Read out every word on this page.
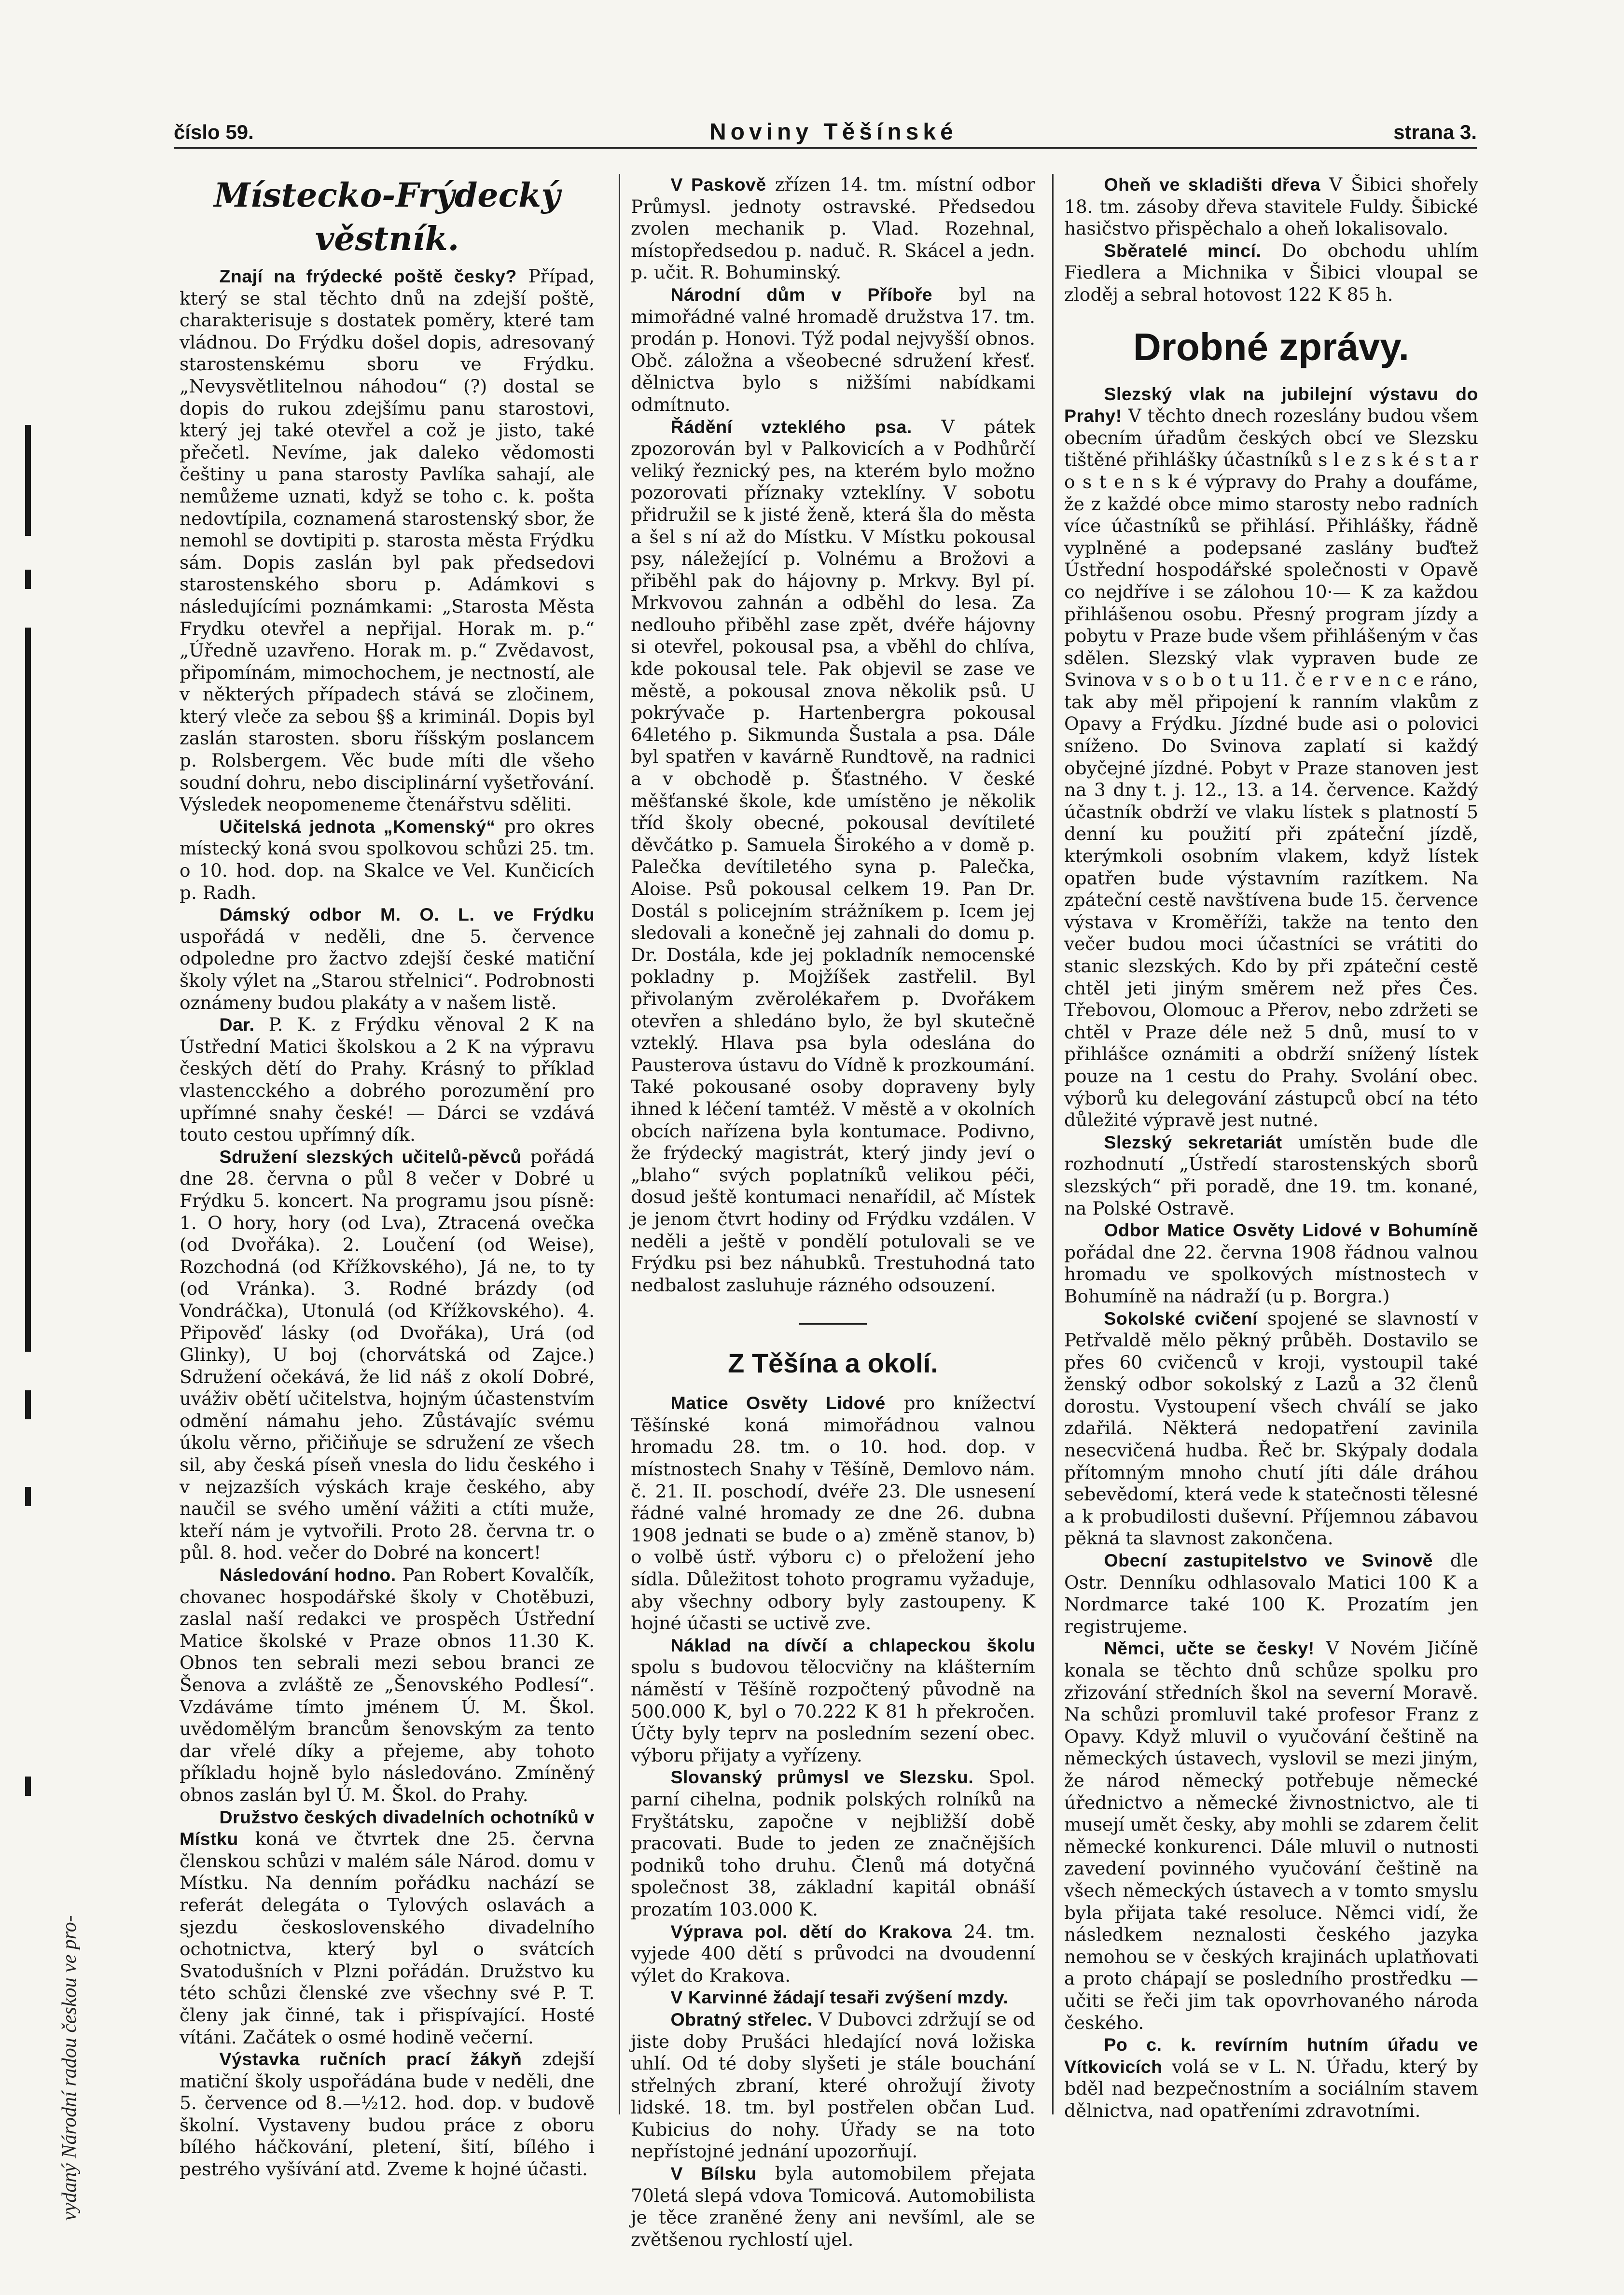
vydaný Národní radou českou ve pro-
číslo 59.	Noviny Těšínské	strana 3.
Místecko-Frýdecký věstník.

Znají na frýdecké poště česky? Případ, který se stal těchto dnů na zdejší poště, charakterisuje s dostatek poměry, které tam vládnou. Do Frýdku došel dopis, adresovaný starostenskému sboru ve Frýdku. „Nevysvětlitelnou náhodou“ (?) dostal se dopis do rukou zdejšímu panu starostovi, který jej také otevřel a což je jisto, také přečetl. Nevíme, jak daleko vědomosti češtiny u pana starosty Pavlíka sahají, ale nemůžeme uznati, když se toho c. k. pošta nedovtípila, coznamená starostenský sbor, že nemohl se dovtipiti p. starosta města Frýdku sám. Dopis zaslán byl pak předsedovi starostenského sboru p. Adámkovi s následujícími poznámkami: „Starosta Města Frydku otevřel a nepřijal. Horak m. p.“ „Úředně uzavřeno. Horak m. p.“ Zvědavost, připomínám, mimochochem, je nectností, ale v některých případech stává se zločinem, který vleče za sebou §§ a kriminál. Dopis byl zaslán starosten. sboru říšským poslancem p. Rolsbergem. Věc bude míti dle všeho soudní dohru, nebo disciplinární vyšetřování. Výsledek neopomeneme čtenářstvu sděliti.

Učitelská jednota „Komenský“ pro okres místecký koná svou spolkovou schůzi 25. tm. o 10. hod. dop. na Skalce ve Vel. Kunčicích p. Radh.

Dámský odbor M. O. L. ve Frýdku uspořádá v neděli, dne 5. července odpoledne pro žactvo zdejší české matiční školy výlet na „Starou střelnici“. Podrobnosti oznámeny budou plakáty a v našem listě.

Dar. P. K. z Frýdku věnoval 2 K na Ústřední Matici školskou a 2 K na výpravu českých dětí do Prahy. Krásný to příklad vlastencckého a dobrého porozumění pro upřímné snahy české! — Dárci se vzdává touto cestou upřímný dík.

Sdružení slezských učitelů-pěvců pořádá dne 28. června o půl 8 večer v Dobré u Frýdku 5. koncert. Na programu jsou písně: 1. O hory, hory (od Lva), Ztracená ovečka (od Dvořáka). 2. Loučení (od Weise), Rozchodná (od Křížkovského), Já ne, to ty (od Vránka). 3. Rodné brázdy (od Vondráčka), Utonulá (od Křížkovského). 4. Připověď lásky (od Dvořáka), Urá (od Glinky), U boj (chorvátská od Zajce.) Sdružení očekává, že lid náš z okolí Dobré, uváživ obětí učitelstva, hojným účastenstvím odmění námahu jeho. Zůstávajíc svému úkolu věrno, přičiňuje se sdružení ze všech sil, aby česká píseň vnesla do lidu českého i v nejzazších výskách kraje českého, aby naučil se svého umění vážiti a ctíti muže, kteří nám je vytvořili. Proto 28. června tr. o půl. 8. hod. večer do Dobré na koncert!

Následování hodno. Pan Robert Kovalčík, chovanec hospodářské školy v Chotěbuzi, zaslal naší redakci ve prospěch Ústřední Matice školské v Praze obnos 11.30 K. Obnos ten sebrali mezi sebou branci ze Šenova a zvláště ze „Šenovského Podlesí“. Vzdáváme tímto jménem Ú. M. Škol. uvědomělým brancům šenovským za tento dar vřelé díky a přejeme, aby tohoto příkladu hojně bylo následováno. Zmíněný obnos zaslán byl Ú. M. Škol. do Prahy.

Družstvo českých divadelních ochotníků v Místku koná ve čtvrtek dne 25. června členskou schůzi v malém sále Národ. domu v Místku. Na denním pořádku nachází se referát delegáta o Tylových oslavách a sjezdu československého divadelního ochotnictva, který byl o svátcích Svatodušních v Plzni pořádán. Družstvo ku této schůzi členské zve všechny své P. T. členy jak činné, tak i přispívající. Hosté vítáni. Začátek o osmé hodině večerní.

Výstavka ručních prací žákyň zdejší matiční školy uspořádána bude v neděli, dne 5. července od 8.—½12. hod. dop. v budově školní. Vystaveny budou práce z oboru bílého háčkování, pletení, šití, bílého i pestrého vyšívání atd. Zveme k hojné účasti.

V Paskově zřízen 14. tm. místní odbor Průmysl. jednoty ostravské. Předsedou zvolen mechanik p. Vlad. Rozehnal, místopředsedou p. naduč. R. Skácel a jedn. p. učit. R. Bohuminský.

Národní dům v Příboře byl na mimořádné valné hromadě družstva 17. tm. prodán p. Honovi. Týž podal nejvyšší obnos. Obč. záložna a všeobecné sdružení křesť. dělnictva bylo s nižšími nabídkami odmítnuto.

Řádění vzteklého psa. V pátek zpozorován byl v Palkovicích a v Podhůrčí veliký řeznický pes, na kterém bylo možno pozorovati příznaky vzteklíny. V sobotu přidružil se k jisté ženě, která šla do města a šel s ní až do Místku. V Místku pokousal psy, náležející p. Volnému a Brožovi a přiběhl pak do hájovny p. Mrkvy. Byl pí. Mrkvovou zahnán a odběhl do lesa. Za nedlouho přiběhl zase zpět, dvéře hájovny si otevřel, pokousal psa, a vběhl do chlíva, kde pokousal tele. Pak objevil se zase ve městě, a pokousal znova několik psů. U pokrývače p. Hartenbergra pokousal 64letého p. Sikmunda Šustala a psa. Dále byl spatřen v kavárně Rundtově, na radnici a v obchodě p. Šťastného. V české měšťanské škole, kde umístěno je několik tříd školy obecné, pokousal devítileté děvčátko p. Samuela Širokého a v domě p. Palečka devítiletého syna p. Palečka, Aloise. Psů pokousal celkem 19. Pan Dr. Dostál s policejním strážníkem p. Icem jej sledovali a konečně jej zahnali do domu p. Dr. Dostála, kde jej pokladník nemocenské pokladny p. Mojžíšek zastřelil. Byl přivolaným zvěrolékařem p. Dvořákem otevřen a shledáno bylo, že byl skutečně vzteklý. Hlava psa byla odeslána do Pausterova ústavu do Vídně k prozkoumání. Také pokousané osoby dopraveny byly ihned k léčení tamtéž. V městě a v okolních obcích nařízena byla kontumace. Podivno, že frýdecký magistrát, který jindy jeví o „blaho“ svých poplatníků velikou péči, dosud ještě kontumaci nenařídil, ač Místek je jenom čtvrt hodiny od Frýdku vzdálen. V neděli a ještě v pondělí potulovali se ve Frýdku psi bez náhubků. Trestuhodná tato nedbalost zasluhuje rázného odsouzení.

Z Těšína a okolí.

Matice Osvěty Lidové pro knížectví Těšínské koná mimořádnou valnou hromadu 28. tm. o 10. hod. dop. v místnostech Snahy v Těšíně, Demlovo nám. č. 21. II. poschodí, dvéře 23. Dle usnesení řádné valné hromady ze dne 26. dubna 1908 jednati se bude o a) změně stanov, b) o volbě ústř. výboru c) o přeložení jeho sídla. Důležitost tohoto programu vyžaduje, aby všechny odbory byly zastoupeny. K hojné účasti se uctivě zve.

Náklad na dívčí a chlapeckou školu spolu s budovou tělocvičny na klášterním náměstí v Těšíně rozpočtený původně na 500.000 K, byl o 70.222 K 81 h překročen. Účty byly teprv na posledním sezení obec. výboru přijaty a vyřízeny.

Slovanský průmysl ve Slezsku. Spol. parní cihelna, podnik polských rolníků na Fryštátsku, započne v nejbližší době pracovati. Bude to jeden ze značnějších podniků toho druhu. Členů má dotyčná společnost 38, základní kapitál obnáší prozatím 103.000 K.

Výprava pol. dětí do Krakova 24. tm. vyjede 400 dětí s průvodci na dvoudenní výlet do Krakova.

V Karvinné žádají tesaři zvýšení mzdy.

Obratný střelec. V Dubovci zdržují se od jiste doby Prušáci hledající nová ložiska uhlí. Od té doby slyšeti je stále bouchání střelných zbraní, které ohrožují životy lidské. 18. tm. byl postřelen občan Lud. Kubicius do nohy. Úřady se na toto nepřístojné jednání upozorňují.

V Bílsku byla automobilem přejata 70letá slepá vdova Tomicová. Automobilista je těce zraněné ženy ani nevšíml, ale se zvětšenou rychlostí ujel.

Oheň ve skladišti dřeva V Šibici shořely 18. tm. zásoby dřeva stavitele Fuldy. Šibické hasičstvo přispěchalo a oheň lokalisovalo.

Sběratelé mincí. Do obchodu uhlím Fiedlera a Michnika v Šibici vloupal se zloděj a sebral hotovost 122 K 85 h.

Drobné zprávy.

Slezský vlak na jubilejní výstavu do Prahy! V těchto dnech rozeslány budou všem obecním úřadům českých obcí ve Slezsku tištěné přihlášky účastníků s l e z s k é s t a r o s t e n s k é výpravy do Prahy a doufáme, že z každé obce mimo starosty nebo radních více účastníků se přihlásí. Přihlášky, řádně vyplněné a podepsané zaslány buďtež Ústřední hospodářské společnosti v Opavě co nejdříve i se zálohou 10·— K za každou přihlášenou osobu. Přesný program jízdy a pobytu v Praze bude všem přihlášeným v čas sdělen. Slezský vlak vypraven bude ze Svinova v s o b o t u 11. č e r v e n c e ráno, tak aby měl připojení k ranním vlakům z Opavy a Frýdku. Jízdné bude asi o polovici sníženo. Do Svinova zaplatí si každý obyčejné jízdné. Pobyt v Praze stanoven jest na 3 dny t. j. 12., 13. a 14. července. Každý účastník obdrží ve vlaku lístek s platností 5 denní ku použití při zpáteční jízdě, kterýmkoli osobním vlakem, když lístek opatřen bude výstavním razítkem. Na zpáteční cestě navštívena bude 15. července výstava v Kroměříži, takže na tento den večer budou moci účastníci se vrátiti do stanic slezských. Kdo by při zpáteční cestě chtěl jeti jiným směrem než přes Čes. Třebovou, Olomouc a Přerov, nebo zdržeti se chtěl v Praze déle než 5 dnů, musí to v přihlášce oznámiti a obdrží snížený lístek pouze na 1 cestu do Prahy. Svolání obec. výborů ku delegování zástupců obcí na této důležité výpravě jest nutné.

Slezský sekretariát umístěn bude dle rozhodnutí „Ústředí starostenských sborů slezských“ při poradě, dne 19. tm. konané, na Polské Ostravě.

Odbor Matice Osvěty Lidové v Bohumíně pořádal dne 22. června 1908 řádnou valnou hromadu ve spolkových místnostech v Bohumíně na nádraží (u p. Borgra.)

Sokolské cvičení spojené se slavností v Petřvaldě mělo pěkný průběh. Dostavilo se přes 60 cvičenců v kroji, vystoupil také ženský odbor sokolský z Lazů a 32 členů dorostu. Vystoupení všech chválí se jako zdařilá. Některá nedopatření zavinila nesecvičená hudba. Řeč br. Skýpaly dodala přítomným mnoho chutí jíti dále dráhou sebevědomí, která vede k statečnosti tělesné a k probudilosti duševní. Příjemnou zábavou pěkná ta slavnost zakončena.

Obecní zastupitelstvo ve Svinově dle Ostr. Denníku odhlasovalo Matici 100 K a Nordmarce také 100 K. Prozatím jen registrujeme.

Němci, učte se česky! V Novém Jičíně konala se těchto dnů schůze spolku pro zřizování středních škol na severní Moravě. Na schůzi promluvil také profesor Franz z Opavy. Když mluvil o vyučování češtině na německých ústavech, vyslovil se mezi jiným, že národ německý potřebuje německé úřednictvo a německé živnostnictvo, ale ti musejí umět česky, aby mohli se zdarem čelit německé konkurenci. Dále mluvil o nutnosti zavedení povinného vyučování češtině na všech německých ústavech a v tomto smyslu byla přijata také resoluce. Němci vidí, že následkem neznalosti českého jazyka nemohou se v českých krajinách uplatňovati a proto chápají se posledního prostředku — učiti se řeči jim tak opovrhovaného národa českého.

Po c. k. revírním hutním úřadu ve Vítkovicích volá se v L. N. Úřadu, který by bděl nad bezpečnostním a sociálním stavem dělnictva, nad opatřeními zdravotními.
